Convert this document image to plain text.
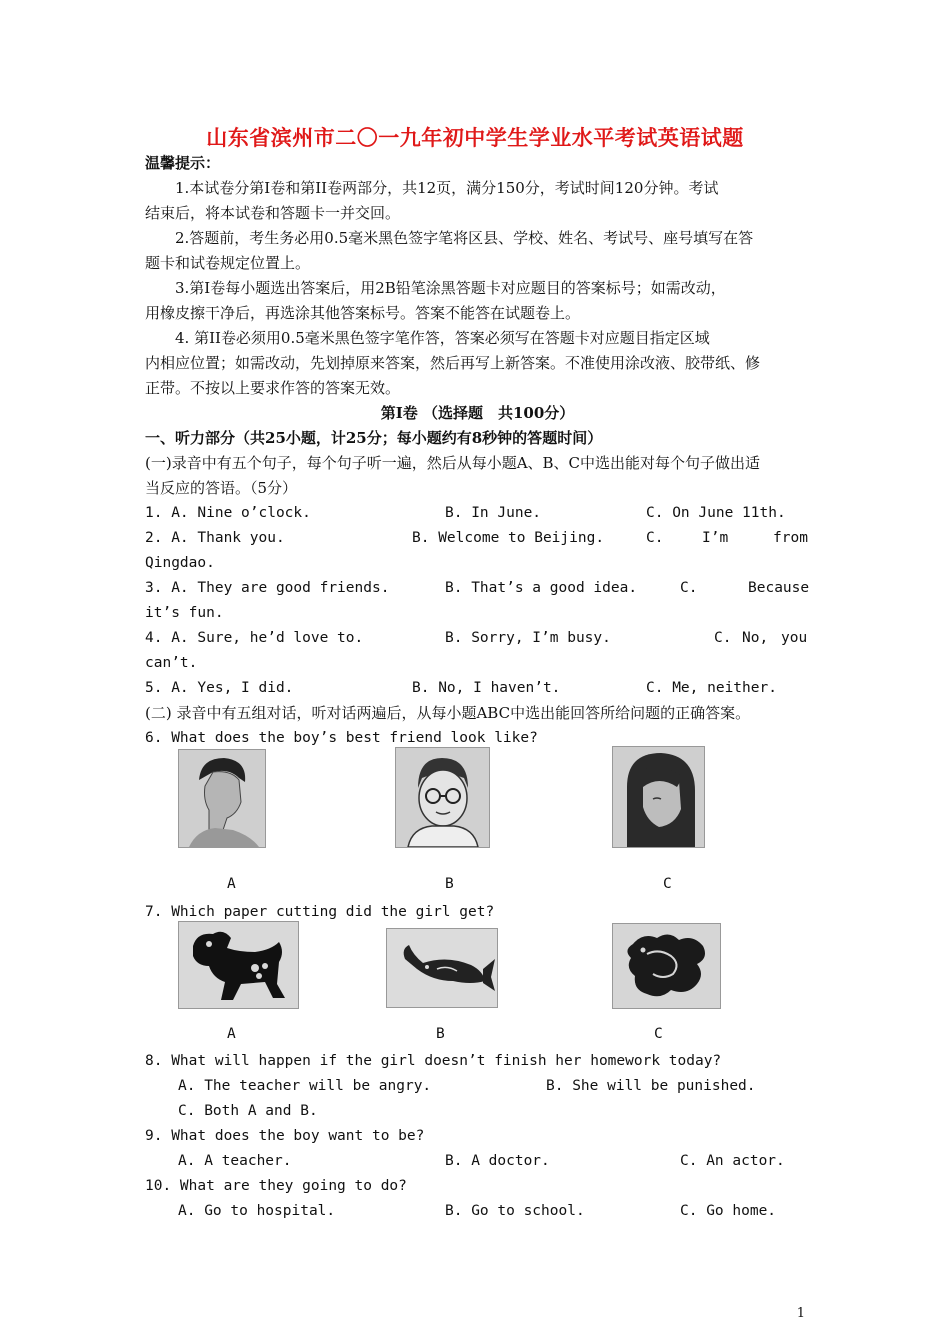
山东省滨州市二〇一九年初中学生学业水平考试英语试题
温馨提示：
1.本试卷分第Ⅰ卷和第II卷两部分，共12页，满分150分，考试时间120分钟。考试
结束后，将本试卷和答题卡一并交回。
2.答题前，考生务必用0.5毫米黑色签字笔将区县、学校、姓名、考试号、座号填写在答
题卡和试卷规定位置上。
3.第Ⅰ卷每小题选出答案后，用2B铅笔涂黑答题卡对应题目的答案标号；如需改动，
用橡皮擦干净后，再选涂其他答案标号。答案不能答在试题卷上。
4. 第II卷必须用0.5毫米黑色签字笔作答，答案必须写在答题卡对应题目指定区域
内相应位置；如需改动，先划掉原来答案，然后再写上新答案。不准使用涂改液、胶带纸、修
正带。不按以上要求作答的答案无效。
第Ⅰ卷 （选择题　共100分）
一、听力部分（共25小题，计25分；每小题约有8秒钟的答题时间）
(一)录音中有五个句子，每个句子听一遍，然后从每小题A、B、C中选出能对每个句子做出适
当反应的答语。（5分）
1. A. Nine o’clock.	B. In June.	C. On June 11th.
2. A. Thank you.	B. Welcome to Beijing.	C.	I’m	from
Qingdao.
3. A. They are good friends.	B. That’s a good idea.	C.	Because
it’s fun.
4. A. Sure, he’d love to.	B. Sorry, I’m busy.	C. No, you
can’t.
5. A. Yes, I did.	B. No, I haven’t.	C. Me, neither.
(二) 录音中有五组对话，听对话两遍后，从每小题ABC中选出能回答所给问题的正确答案。
6. What does the boy’s best friend look like?
A	B	C
7. Which paper cutting did the girl get?
A	B	C
8. What will happen if the girl doesn’t finish her homework today?
A. The teacher will be angry.	B. She will be punished.
C. Both A and B.
9. What does the boy want to be?
A. A teacher.	B. A doctor.	C. An actor.
10. What are they going to do?
A. Go to hospital.	B. Go to school.	C. Go home.
1
